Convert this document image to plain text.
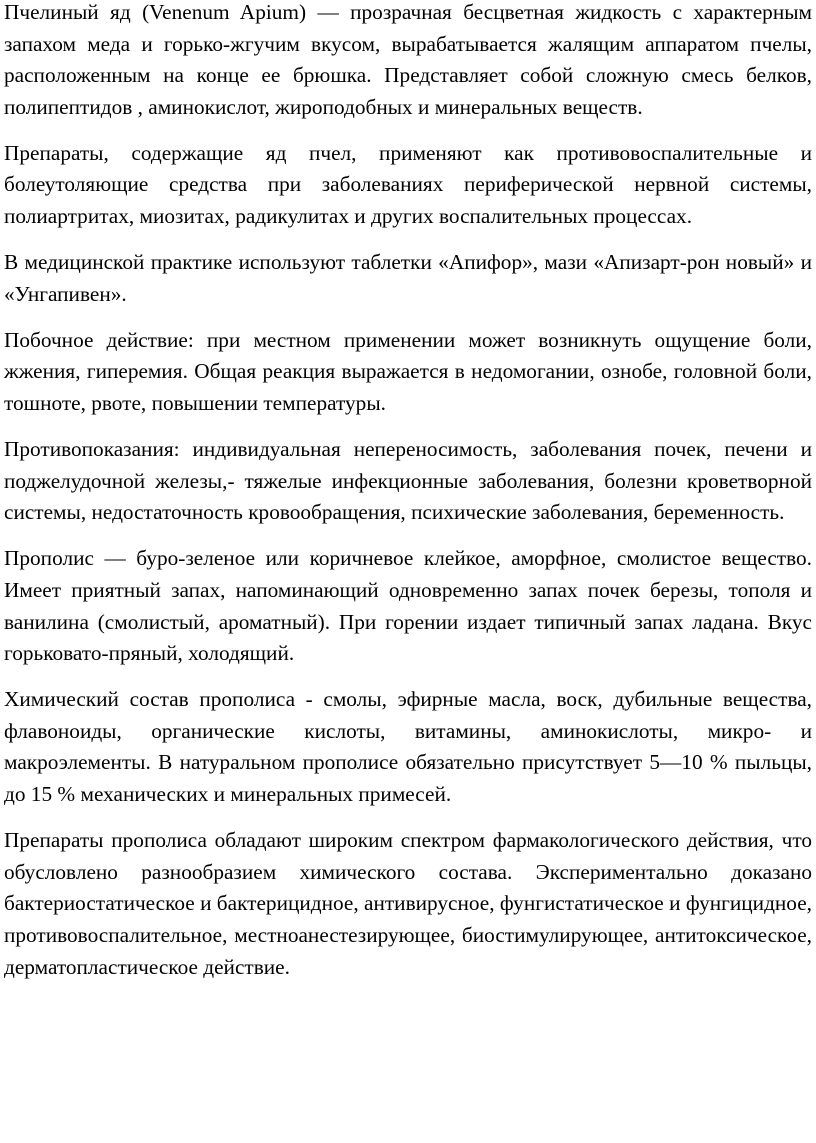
Пчелиный яд (Venenum Apium) — прозрачная бесцветная жидкость с характерным запахом меда и горько-жгучим вкусом, вырабатывается жалящим аппаратом пчелы, расположенным на конце ее брюшка. Представляет собой сложную смесь белков, полипептидов , аминокислот, жироподобных и минеральных веществ.

Препараты, содержащие яд пчел, применяют как противовоспалительные и болеутоляющие средства при заболеваниях периферической нервной системы, полиартритах, миозитах, радикулитах и других воспалительных процессах.

В медицинской практике используют таблетки «Апифор», мази «Апизарт-рон новый» и «Унгапивен».

Побочное действие: при местном применении может возникнуть ощущение боли, жжения, гиперемия. Общая реакция выражается в недомогании, ознобе, головной боли, тошноте, рвоте, повышении температуры.

Противопоказания: индивидуальная непереносимость, заболевания почек, печени и поджелудочной железы,- тяжелые инфекционные заболевания, болезни кроветворной системы, недостаточность кровообращения, психические заболевания, беременность.

Прополис — буро-зеленое или коричневое клейкое, аморфное, смолистое вещество. Имеет приятный запах, напоминающий одновременно запах почек березы, тополя и ванилина (смолистый, ароматный). При горении издает типичный запах ладана. Вкус горьковато-пряный, холодящий.

Химический состав прополиса - смолы, эфирные масла, воск, дубильные вещества, флавоноиды, органические кислоты, витамины, аминокислоты, микро- и макроэлементы. В натуральном прополисе обязательно присутствует 5—10 % пыльцы, до 15 % механических и минеральных примесей.

Препараты прополиса обладают широким спектром фармакологического действия, что обусловлено разнообразием химического состава. Экспериментально доказано бактериостатическое и бактерицидное, антивирусное, фунгистатическое и фунгицидное, противовоспалительное, местноанестезирующее, биостимулирующее, антитоксическое, дерматопластическое действие.
